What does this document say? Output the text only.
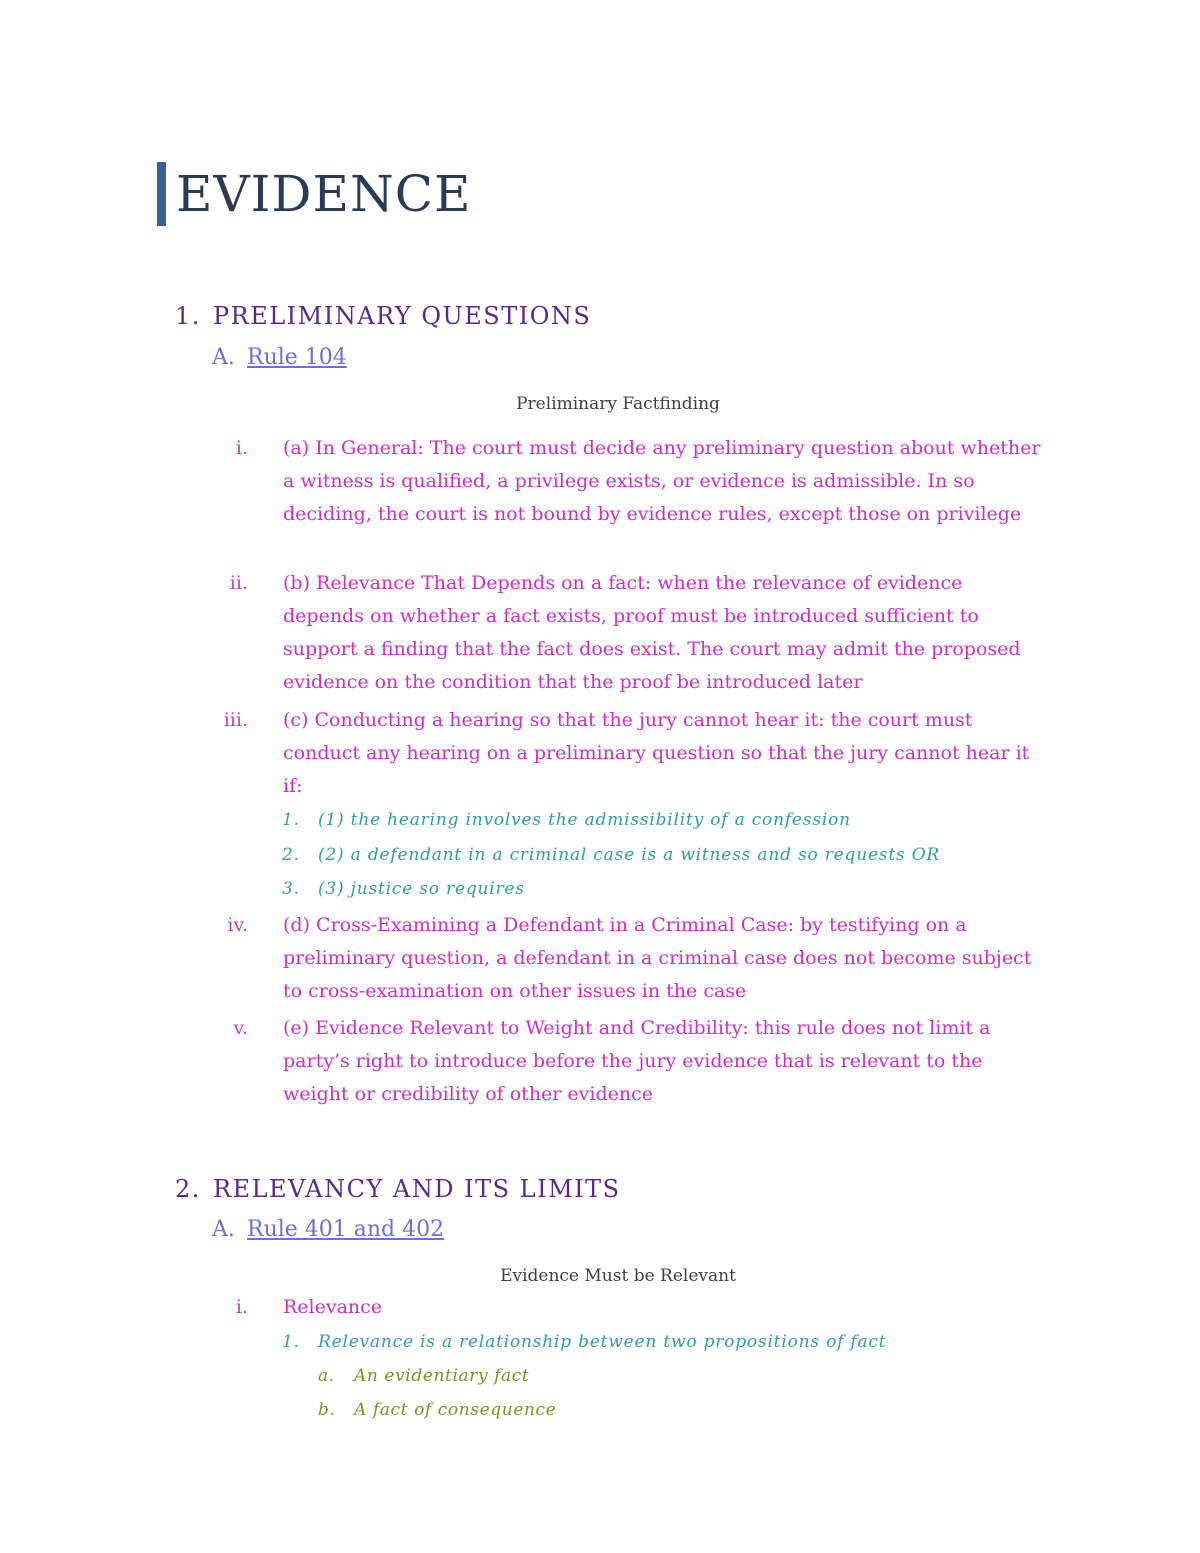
EVIDENCE
1. PRELIMINARY QUESTIONS
A. Rule 104
Preliminary Factfinding
i. (a) In General: The court must decide any preliminary question about whether a witness is qualified, a privilege exists, or evidence is admissible. In so deciding, the court is not bound by evidence rules, except those on privilege
ii. (b) Relevance That Depends on a fact: when the relevance of evidence depends on whether a fact exists, proof must be introduced sufficient to support a finding that the fact does exist. The court may admit the proposed evidence on the condition that the proof be introduced later
iii. (c) Conducting a hearing so that the jury cannot hear it: the court must conduct any hearing on a preliminary question so that the jury cannot hear it if:
1. (1) the hearing involves the admissibility of a confession
2. (2) a defendant in a criminal case is a witness and so requests OR
3. (3) justice so requires
iv. (d) Cross-Examining a Defendant in a Criminal Case: by testifying on a preliminary question, a defendant in a criminal case does not become subject to cross-examination on other issues in the case
v. (e) Evidence Relevant to Weight and Credibility: this rule does not limit a party’s right to introduce before the jury evidence that is relevant to the weight or credibility of other evidence
2. RELEVANCY AND ITS LIMITS
A. Rule 401 and 402
Evidence Must be Relevant
i. Relevance
1. Relevance is a relationship between two propositions of fact
a. An evidentiary fact
b. A fact of consequence
